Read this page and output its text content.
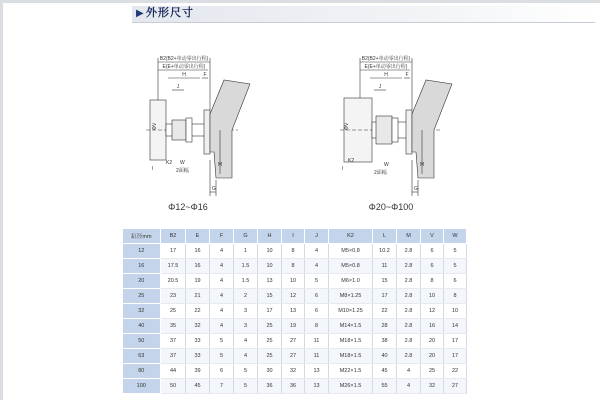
▶ 外形尺寸
B2(B2+单动零出行程)
E(E+单动零出行程)
H	F
J
ΦV
I
K2 W
2面幅
M
G
Φ12~Φ16
B2(B2+单动零出行程)
E(E+单动零出行程)
H	F
J
ΦV
I
K2
W
2面幅
M
G
Φ20~Φ100
缸径mm	B2	E	F	G	H	I	J	K2	L	M	V	W
12	17	16	4	1	10	8	4	M5×0.8	10.2	2.8	6	5
16	17.5	16	4	1.5	10	8	4	M5×0.8	11	2.8	6	5
20	20.5	19	4	1.5	13	10	5	M6×1.0	15	2.8	8	6
25	23	21	4	2	15	12	6	M8×1.25	17	2.8	10	8
32	25	22	4	3	17	13	6	M10×1.25	22	2.8	12	10
40	35	32	4	3	25	19	8	M14×1.5	28	2.8	16	14
50	37	33	5	4	25	27	11	M18×1.5	38	2.8	20	17
63	37	33	5	4	25	27	11	M18×1.5	40	2.8	20	17
80	44	39	6	5	30	32	13	M22×1.5	45	4	25	22
100	50	45	7	5	36	36	13	M26×1.5	55	4	32	27
